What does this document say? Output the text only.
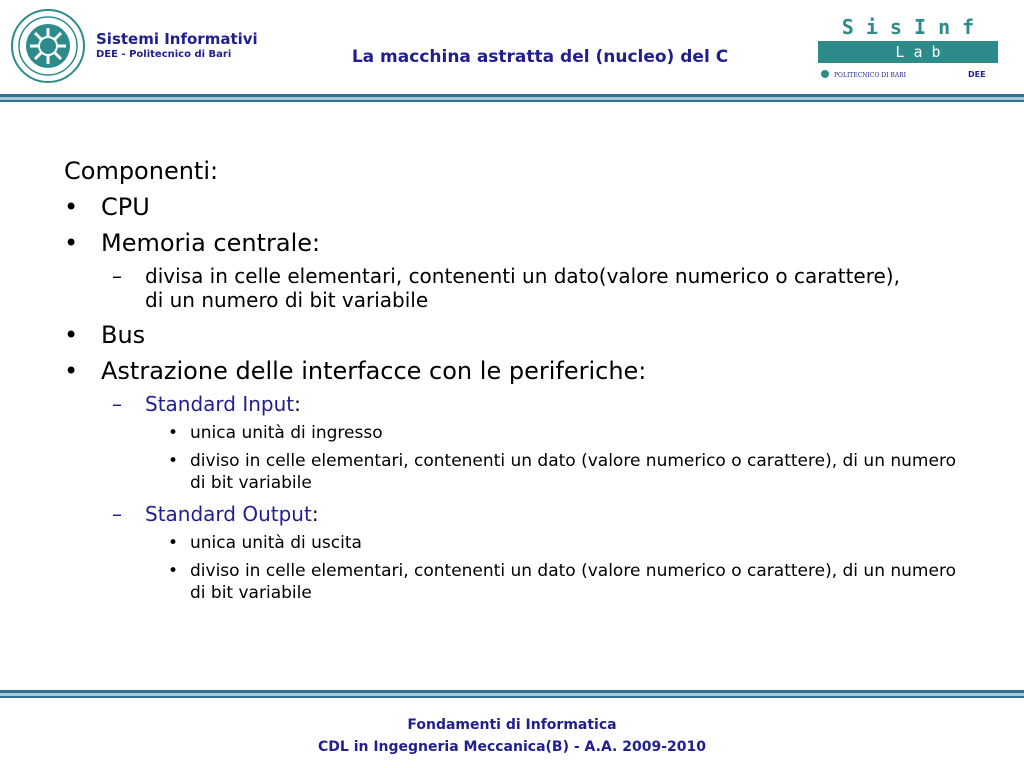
Sistemi Informativi
DEE - Politecnico di Bari	La macchina astratta del (nucleo) del C
S i s I n f
L a b
POLITECNICO DI BARI	DEE
Componenti:
• CPU
• Memoria centrale:
– divisa in celle elementari, contenenti un dato(valore numerico o carattere), di un numero di bit variabile
• Bus
• Astrazione delle interfacce con le periferiche:
– Standard Input:
• unica unità di ingresso
• diviso in celle elementari, contenenti un dato (valore numerico o carattere), di un numero di bit variabile
– Standard Output:
• unica unità di uscita
• diviso in celle elementari, contenenti un dato (valore numerico o carattere), di un numero di bit variabile
Fondamenti di Informatica
CDL in Ingegneria Meccanica(B) - A.A. 2009-2010
